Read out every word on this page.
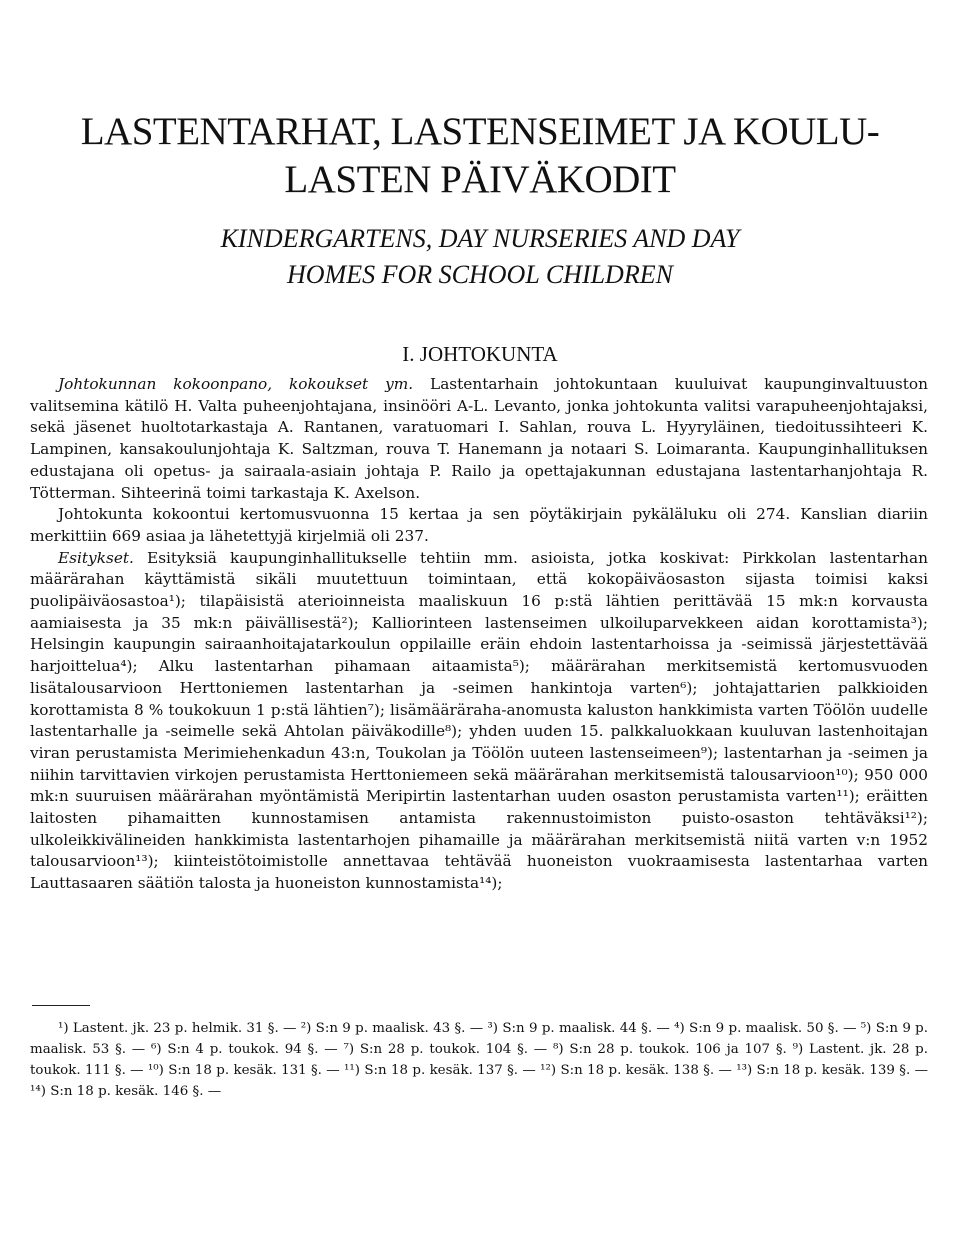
LASTENTARHAT, LASTENSEIMET JA KOULU-
LASTEN PÄIVÄKODIT
KINDERGARTENS, DAY NURSERIES AND DAY
HOMES FOR SCHOOL CHILDREN
I. JOHTOKUNTA

Johtokunnan kokoonpano, kokoukset ym. Lastentarhain johtokuntaan kuuluivat kaupunginvaltuuston valitsemina kätilö H. Valta puheenjohtajana, insinööri A-L. Levanto, jonka johtokunta valitsi varapuheenjohtajaksi, sekä jäsenet huoltotarkastaja A. Rantanen, varatuomari I. Sahlan, rouva L. Hyyryläinen, tiedoitussihteeri K. Lampinen, kansakoulunjohtaja K. Saltzman, rouva T. Hanemann ja notaari S. Loimaranta. Kaupunginhallituksen edustajana oli opetus- ja sairaala-asiain johtaja P. Railo ja opettajakunnan edustajana lastentarhanjohtaja R. Tötterman. Sihteerinä toimi tarkastaja K. Axelson.

Johtokunta kokoontui kertomusvuonna 15 kertaa ja sen pöytäkirjain pykäläluku oli 274. Kanslian diariin merkittiin 669 asiaa ja lähetettyjä kirjelmiä oli 237.

Esitykset. Esityksiä kaupunginhallitukselle tehtiin mm. asioista, jotka koskivat: Pirkkolan lastentarhan määrärahan käyttämistä sikäli muutettuun toimintaan, että kokopäiväosaston sijasta toimisi kaksi puolipäiväosastoa¹); tilapäisistä aterioinneista maaliskuun 16 p:stä lähtien perittävää 15 mk:n korvausta aamiaisesta ja 35 mk:n päivällisestä²); Kalliorinteen lastenseimen ulkoiluparvekkeen aidan korottamista³); Helsingin kaupungin sairaanhoitajatarkoulun oppilaille eräin ehdoin lastentarhoissa ja -seimissä järjestettävää harjoittelua⁴); Alku lastentarhan pihamaan aitaamista⁵); määrärahan merkitsemistä kertomusvuoden lisätalousarvioon Herttoniemen lastentarhan ja -seimen hankintoja varten⁶); johtajattarien palkkioiden korottamista 8 % toukokuun 1 p:stä lähtien⁷); lisämääräraha-anomusta kaluston hankkimista varten Töölön uudelle lastentarhalle ja -seimelle sekä Ahtolan päiväkodille⁸); yhden uuden 15. palkkaluokkaan kuuluvan lastenhoitajan viran perustamista Merimiehenkadun 43:n, Toukolan ja Töölön uuteen lastenseimeen⁹); lastentarhan ja -seimen ja niihin tarvittavien virkojen perustamista Herttoniemeen sekä määrärahan merkitsemistä talousarvioon¹⁰); 950 000 mk:n suuruisen määrärahan myöntämistä Meripirtin lastentarhan uuden osaston perustamista varten¹¹); eräitten laitosten pihamaitten kunnostamisen antamista rakennustoimiston puisto-osaston tehtäväksi¹²); ulkoleikkivälineiden hankkimista lastentarhojen pihamaille ja määrärahan merkitsemistä niitä varten v:n 1952 talousarvioon¹³); kiinteistötoimistolle annettavaa tehtävää huoneiston vuokraamisesta lastentarhaa varten Lauttasaaren säätiön talosta ja huoneiston kunnostamista¹⁴);

¹) Lastent. jk. 23 p. helmik. 31 §. — ²) S:n 9 p. maalisk. 43 §. — ³) S:n 9 p. maalisk. 44 §. — ⁴) S:n 9 p. maalisk. 50 §. — ⁵) S:n 9 p. maalisk. 53 §. — ⁶) S:n 4 p. toukok. 94 §. — ⁷) S:n 28 p. toukok. 104 §. — ⁸) S:n 28 p. toukok. 106 ja 107 §. ⁹) Lastent. jk. 28 p. toukok. 111 §. — ¹⁰) S:n 18 p. kesäk. 131 §. — ¹¹) S:n 18 p. kesäk. 137 §. — ¹²) S:n 18 p. kesäk. 138 §. — ¹³) S:n 18 p. kesäk. 139 §. — ¹⁴) S:n 18 p. kesäk. 146 §. —
